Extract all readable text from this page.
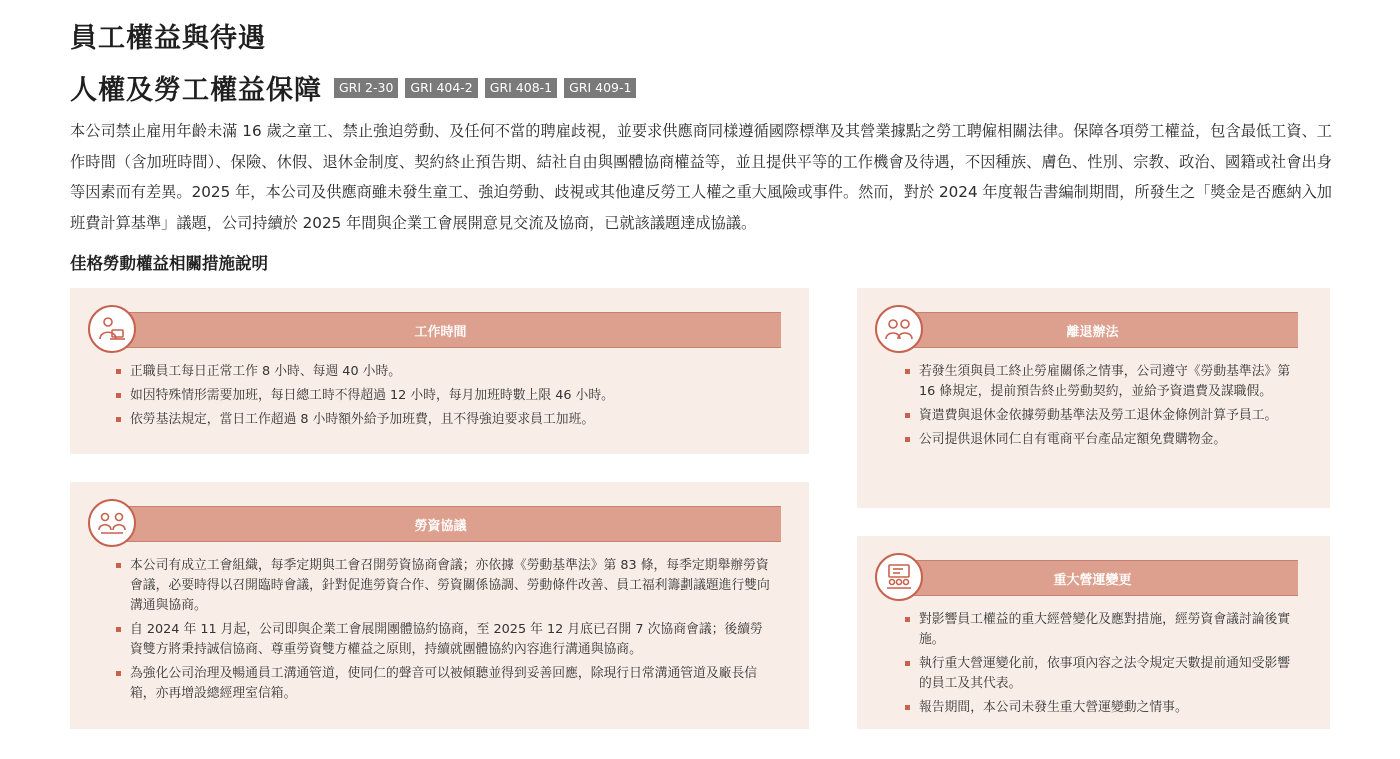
員工權益與待遇
人權及勞工權益保障	GRI 2-30	GRI 404-2	GRI 408-1	GRI 409-1
本公司禁止雇用年齡未滿 16 歲之童工、禁止強迫勞動、及任何不當的聘雇歧視，並要求供應商同樣遵循國際標準及其營業據點之勞工聘僱相關法律。保障各項勞工權益，包含最低工資、工作時間（含加班時間）、保險、休假、退休金制度、契約終止預告期、結社自由與團體協商權益等，並且提供平等的工作機會及待遇，不因種族、膚色、性別、宗教、政治、國籍或社會出身等因素而有差異。2025 年，本公司及供應商雖未發生童工、強迫勞動、歧視或其他違反勞工人權之重大風險或事件。然而，對於 2024 年度報告書編制期間，所發生之「獎金是否應納入加班費計算基準」議題，公司持續於 2025 年間與企業工會展開意見交流及協商，已就該議題達成協議。
佳格勞動權益相關措施說明
工作時間
正職員工每日正常工作 8 小時、每週 40 小時。
如因特殊情形需要加班，每日總工時不得超過 12 小時，每月加班時數上限 46 小時。
依勞基法規定，當日工作超過 8 小時額外給予加班費，且不得強迫要求員工加班。
勞資協議
本公司有成立工會組織，每季定期與工會召開勞資協商會議；亦依據《勞動基準法》第 83 條，每季定期舉辦勞資會議，必要時得以召開臨時會議，針對促進勞資合作、勞資關係協調、勞動條件改善、員工福利籌劃議題進行雙向溝通與協商。
自 2024 年 11 月起，公司即與企業工會展開團體協約協商，至 2025 年 12 月底已召開 7 次協商會議；後續勞資雙方將秉持誠信協商、尊重勞資雙方權益之原則，持續就團體協約內容進行溝通與協商。
為強化公司治理及暢通員工溝通管道，使同仁的聲音可以被傾聽並得到妥善回應，除現行日常溝通管道及廠長信箱，亦再增設總經理室信箱。
離退辦法
若發生須與員工終止勞雇關係之情事，公司遵守《勞動基準法》第 16 條規定，提前預告終止勞動契約，並給予資遣費及謀職假。
資遣費與退休金依據勞動基準法及勞工退休金條例計算予員工。
公司提供退休同仁自有電商平台產品定額免費購物金。
重大營運變更
對影響員工權益的重大經營變化及應對措施，經勞資會議討論後實施。
執行重大營運變化前，依事項內容之法令規定天數提前通知受影響的員工及其代表。
報告期間，本公司未發生重大營運變動之情事。
